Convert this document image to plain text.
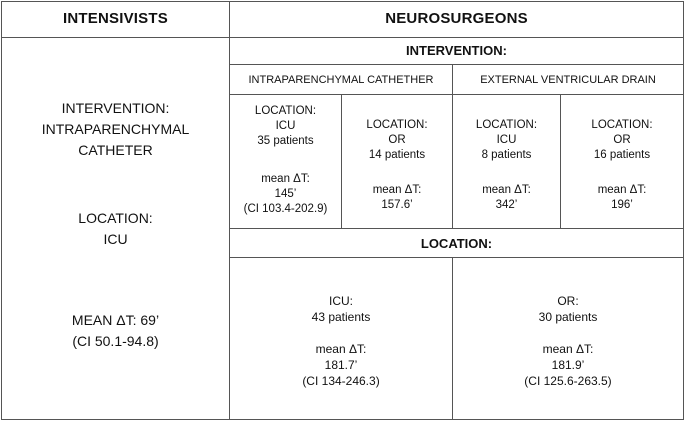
INTENSIVISTS	NEUROSURGEONS
INTERVENTION:
INTRAPARENCHYMAL
CATHETER
LOCATION:
ICU
MEAN ΔT: 69’
(CI 50.1-94.8)
INTERVENTION:
INTRAPARENCHYMAL CATHETHER	EXTERNAL VENTRICULAR DRAIN
LOCATION:
ICU
35 patients
mean ΔT:
145’
(CI 103.4-202.9)
LOCATION:
OR
14 patients
mean ΔT:
157.6’
LOCATION:
ICU
8 patients
mean ΔT:
342’
LOCATION:
OR
16 patients
mean ΔT:
196’
LOCATION:
ICU:
43 patients
mean ΔT:
181.7’
(CI 134-246.3)
OR:
30 patients
mean ΔT:
181.9’
(CI 125.6-263.5)
